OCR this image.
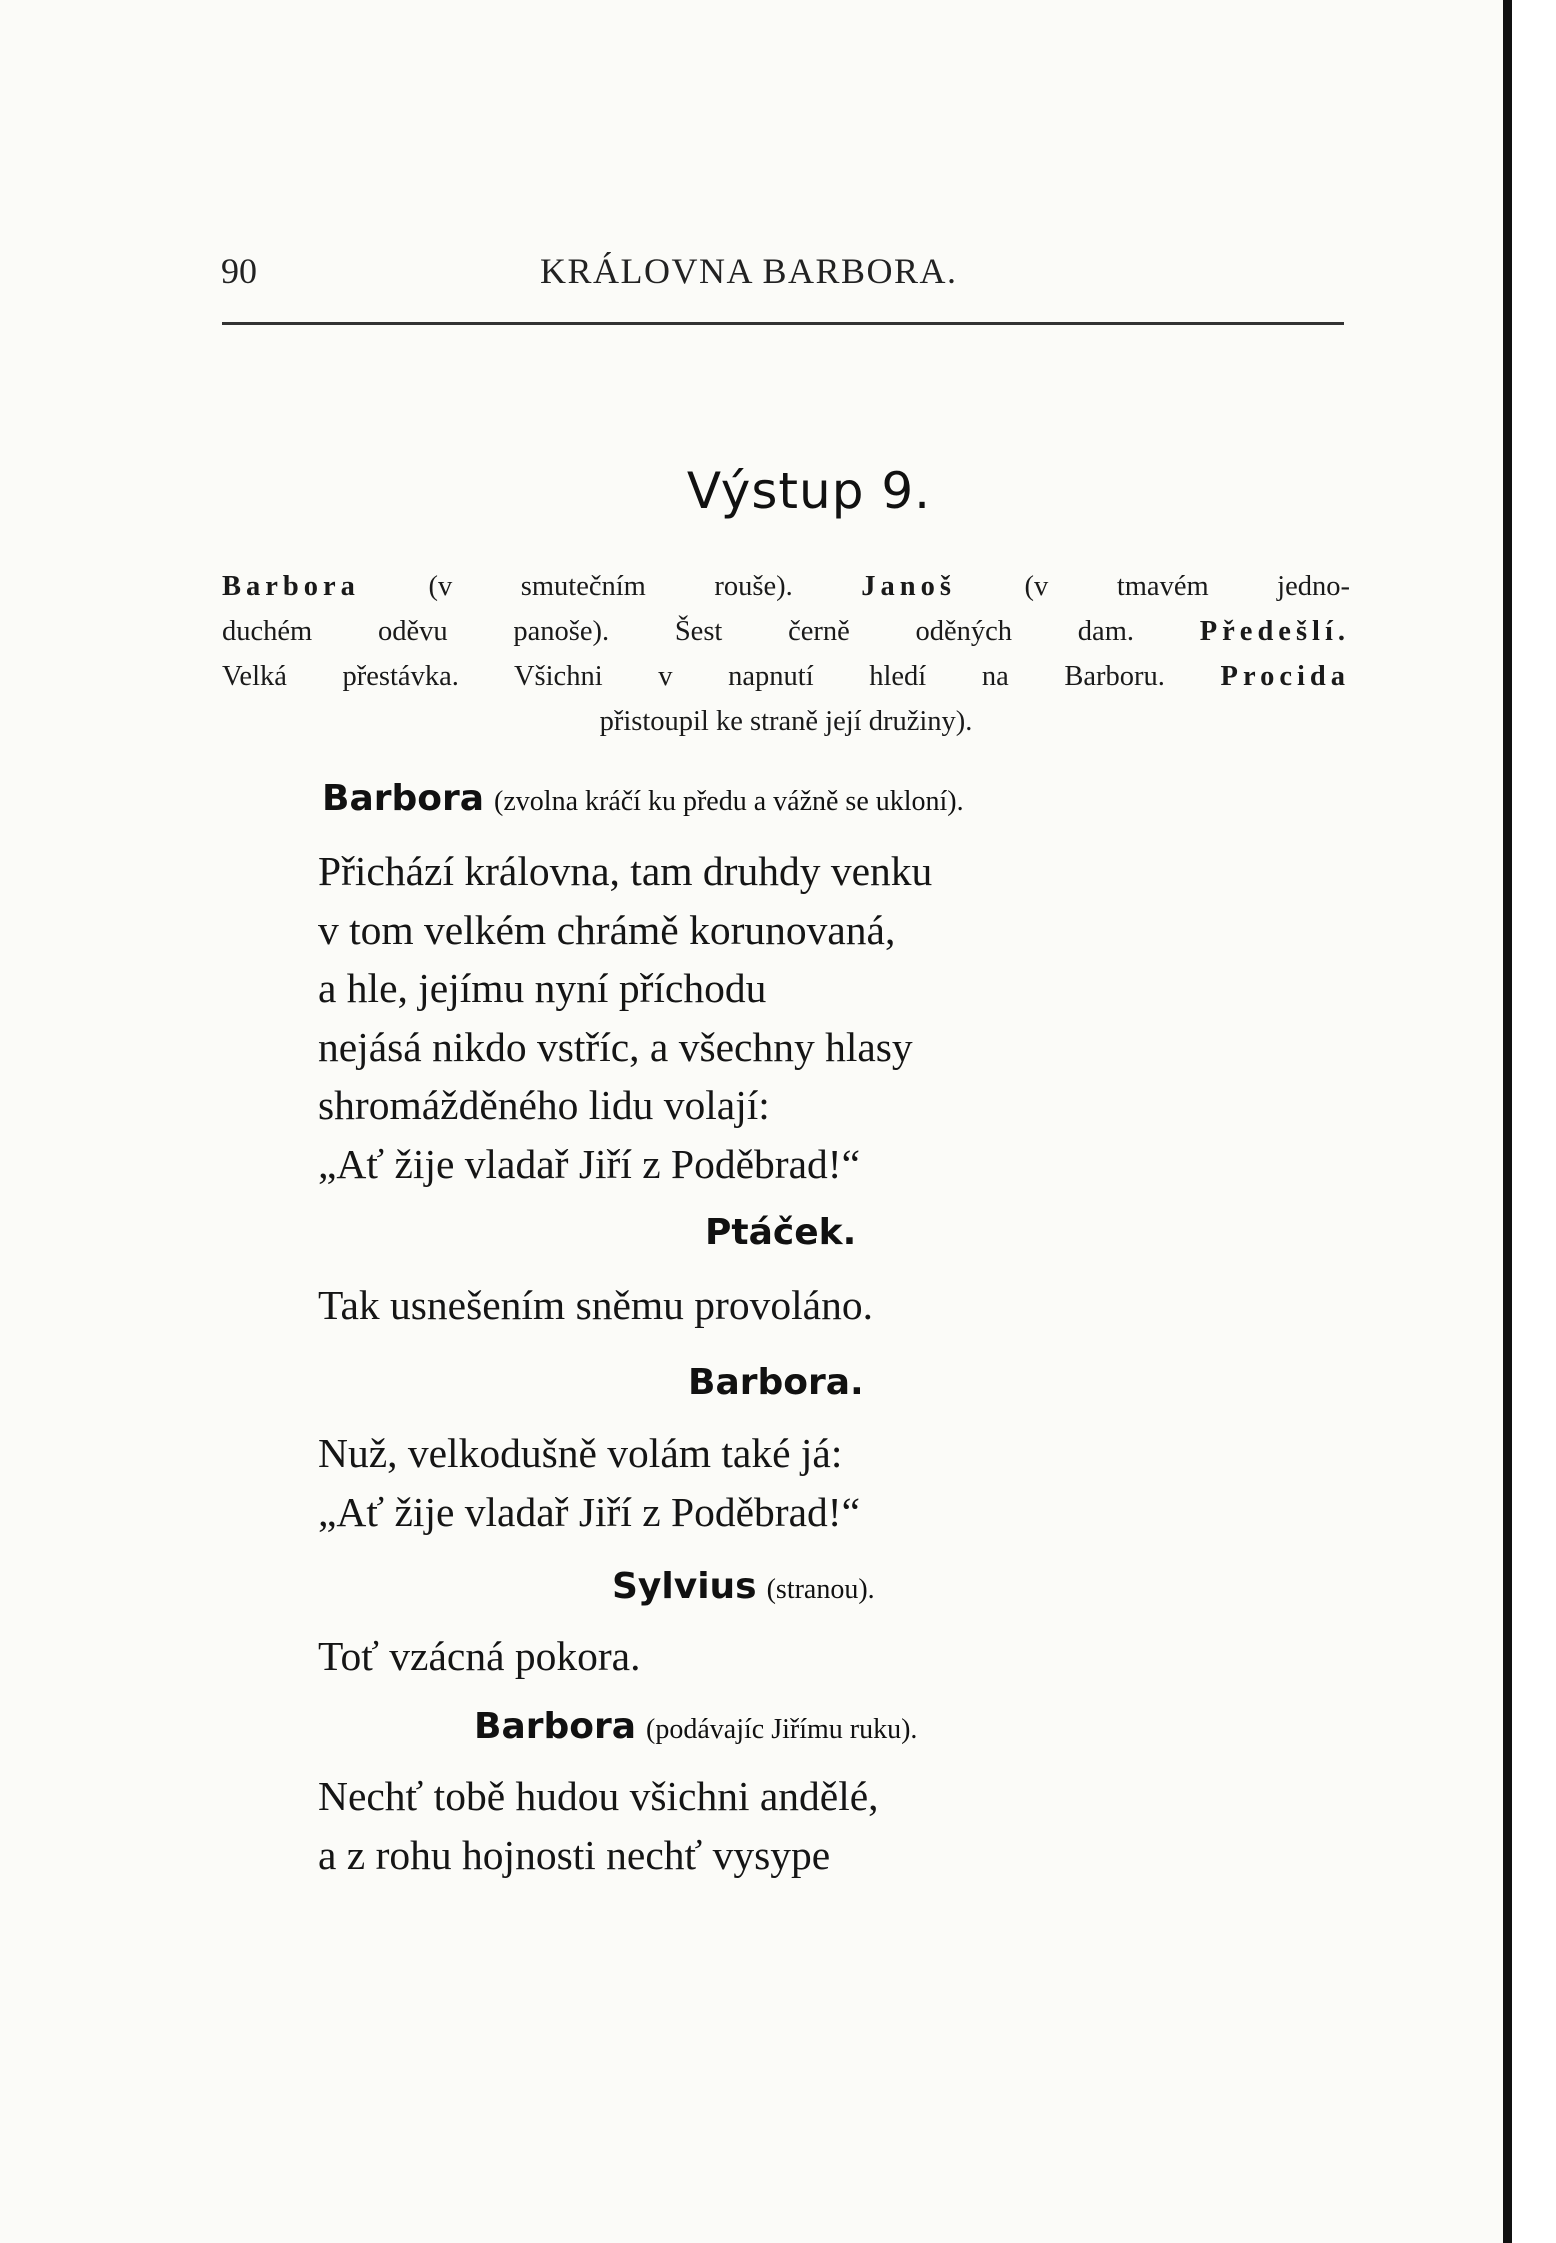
90	KRÁLOVNA BARBORA.
Výstup 9.
Barbora (v smutečním rouše). Janoš (v tmavém jedno-
duchém oděvu panoše). Šest černě oděných dam. Předešlí.
Velká přestávka. Všichni v napnutí hledí na Barboru. Procida
přistoupil ke straně její družiny).
Barbora (zvolna kráčí ku předu a vážně se ukloní).
Přichází královna, tam druhdy venku
v tom velkém chrámě korunovaná,
a hle, jejímu nyní příchodu
nejásá nikdo vstříc, a všechny hlasy
shromážděného lidu volají:
„Ať žije vladař Jiří z Poděbrad!“
Ptáček.
Tak usnešením sněmu provoláno.
Barbora.
Nuž, velkodušně volám také já:
„Ať žije vladař Jiří z Poděbrad!“
Sylvius (stranou).
Toť vzácná pokora.
Barbora (podávajíc Jiřímu ruku).
Nechť tobě hudou všichni andělé,
a z rohu hojnosti nechť vysype
